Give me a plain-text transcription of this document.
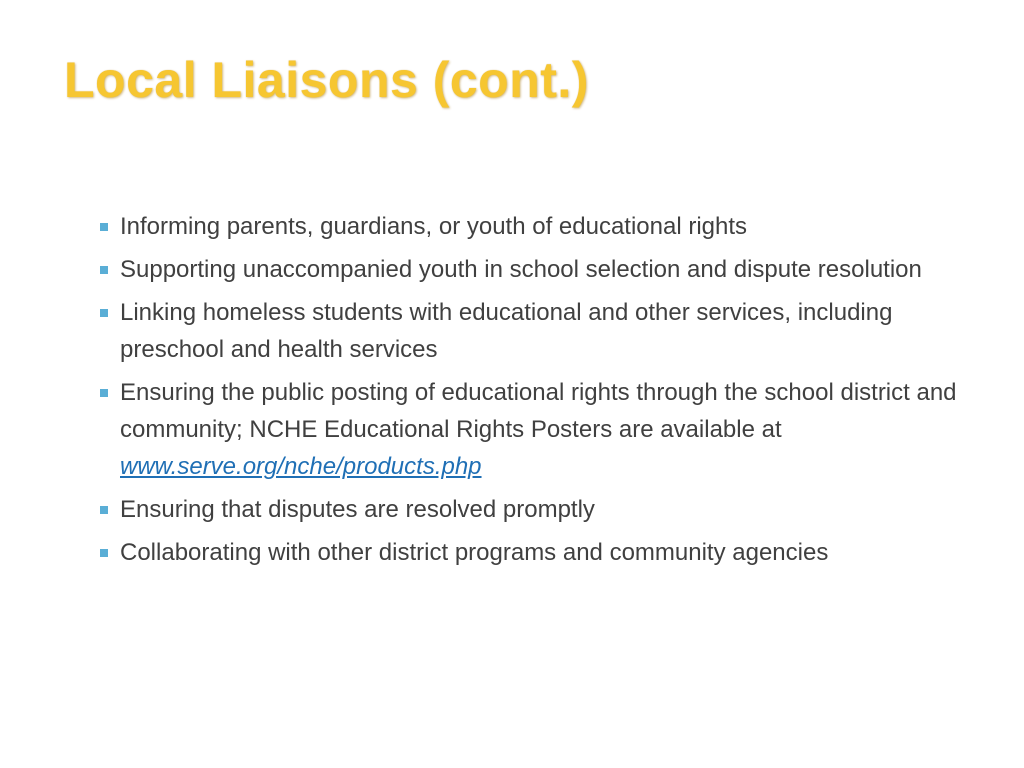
Local Liaisons (cont.)
Informing parents, guardians, or youth of educational rights
Supporting unaccompanied youth in school selection and dispute resolution
Linking homeless students with educational and other services, including preschool and health services
Ensuring the public posting of educational rights through the school district and community; NCHE Educational Rights Posters are available at www.serve.org/nche/products.php
Ensuring that disputes are resolved promptly
Collaborating with other district programs and community agencies
